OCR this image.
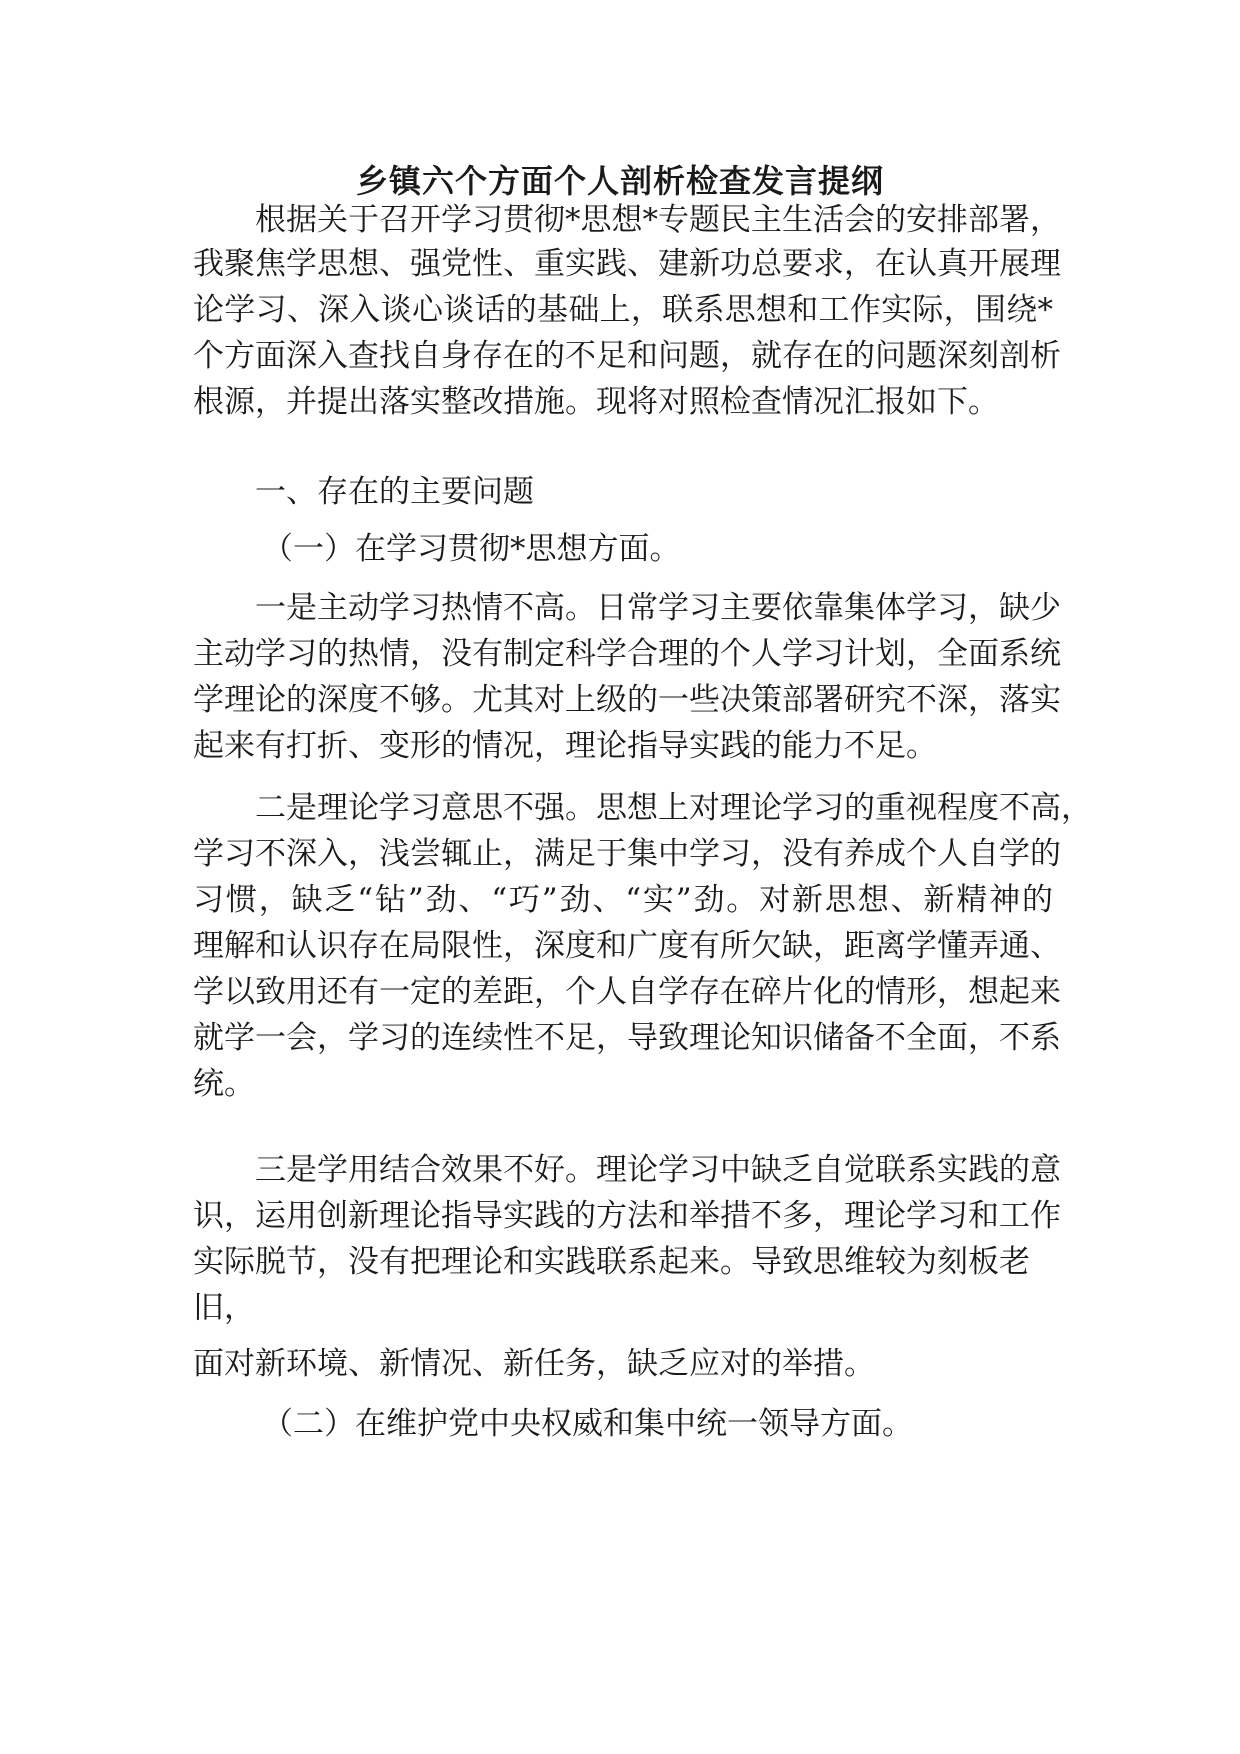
乡镇六个方面个人剖析检查发言提纲
根据关于召开学习贯彻*思想*专题民主生活会的安排部署，
我聚焦学思想、强党性、重实践、建新功总要求，在认真开展理
论学习、深入谈心谈话的基础上，联系思想和工作实际，围绕*
个方面深入查找自身存在的不足和问题，就存在的问题深刻剖析
根源，并提出落实整改措施。现将对照检查情况汇报如下。
一、存在的主要问题
（一）在学习贯彻*思想方面。
一是主动学习热情不高。日常学习主要依靠集体学习，缺少
主动学习的热情，没有制定科学合理的个人学习计划，全面系统
学理论的深度不够。尤其对上级的一些决策部署研究不深，落实
起来有打折、变形的情况，理论指导实践的能力不足。
二是理论学习意思不强。思想上对理论学习的重视程度不高，
学习不深入，浅尝辄止，满足于集中学习，没有养成个人自学的
习惯，缺乏“钻”劲、“巧”劲、“实”劲。对新思想、新精神的
理解和认识存在局限性，深度和广度有所欠缺，距离学懂弄通、
学以致用还有一定的差距，个人自学存在碎片化的情形，想起来
就学一会，学习的连续性不足，导致理论知识储备不全面，不系
统。
三是学用结合效果不好。理论学习中缺乏自觉联系实践的意
识，运用创新理论指导实践的方法和举措不多，理论学习和工作
实际脱节，没有把理论和实践联系起来。导致思维较为刻板老
旧，
面对新环境、新情况、新任务，缺乏应对的举措。
（二）在维护党中央权威和集中统一领导方面。
